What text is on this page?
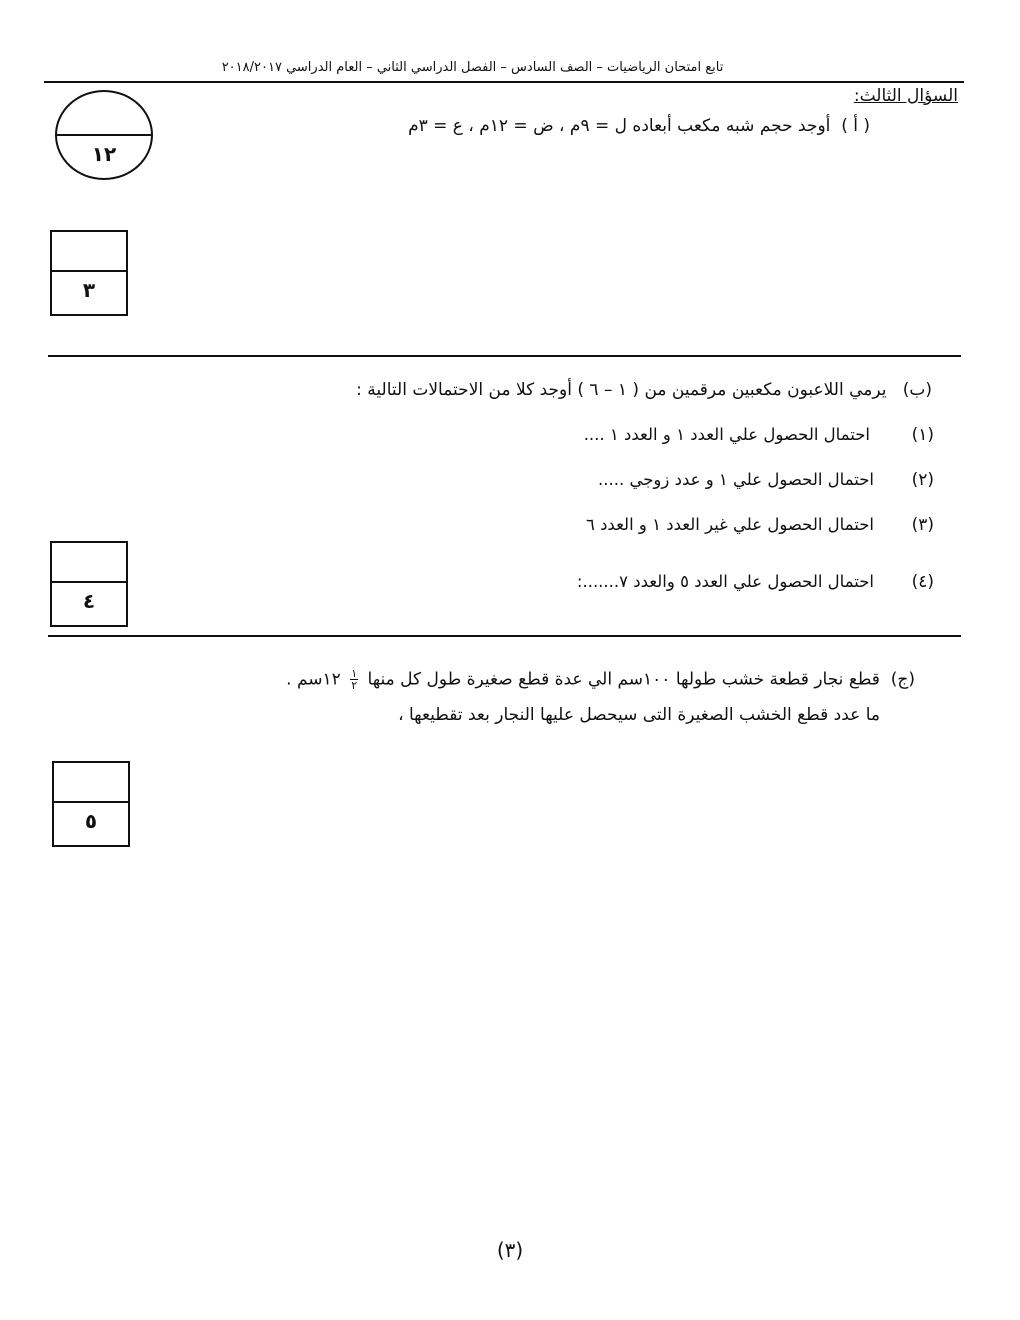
تابع امتحان الرياضيات – الصف السادس – الفصل الدراسي الثاني – العام الدراسي ٢٠١٨/٢٠١٧
السؤال الثالث:
١٢
( أ )  أوجد حجم شبه مكعب أبعاده ل = ٩م ، ض = ١٢م ، ع = ٣م
٣
(ب)   يرمي اللاعبون مكعبين مرقمين من ( ١ – ٦ ) أوجد كلا من الاحتمالات التالية :
(١)
احتمال الحصول علي العدد ١ و العدد ١ ....
(٢)
احتمال الحصول علي ١ و عدد زوجي .....
(٣)
احتمال الحصول علي غير العدد ١ و العدد ٦
(٤)
احتمال الحصول علي العدد ٥ والعدد ٧.......:
٤
(ج)  قطع نجار قطعة خشب طولها ١٠٠سم الي عدة قطع صغيرة طول كل منها
$\frac{١}{٢}$
١٢سم .
ما عدد قطع الخشب الصغيرة التى سيحصل عليها النجار بعد تقطيعها ،
٥
(٣)
